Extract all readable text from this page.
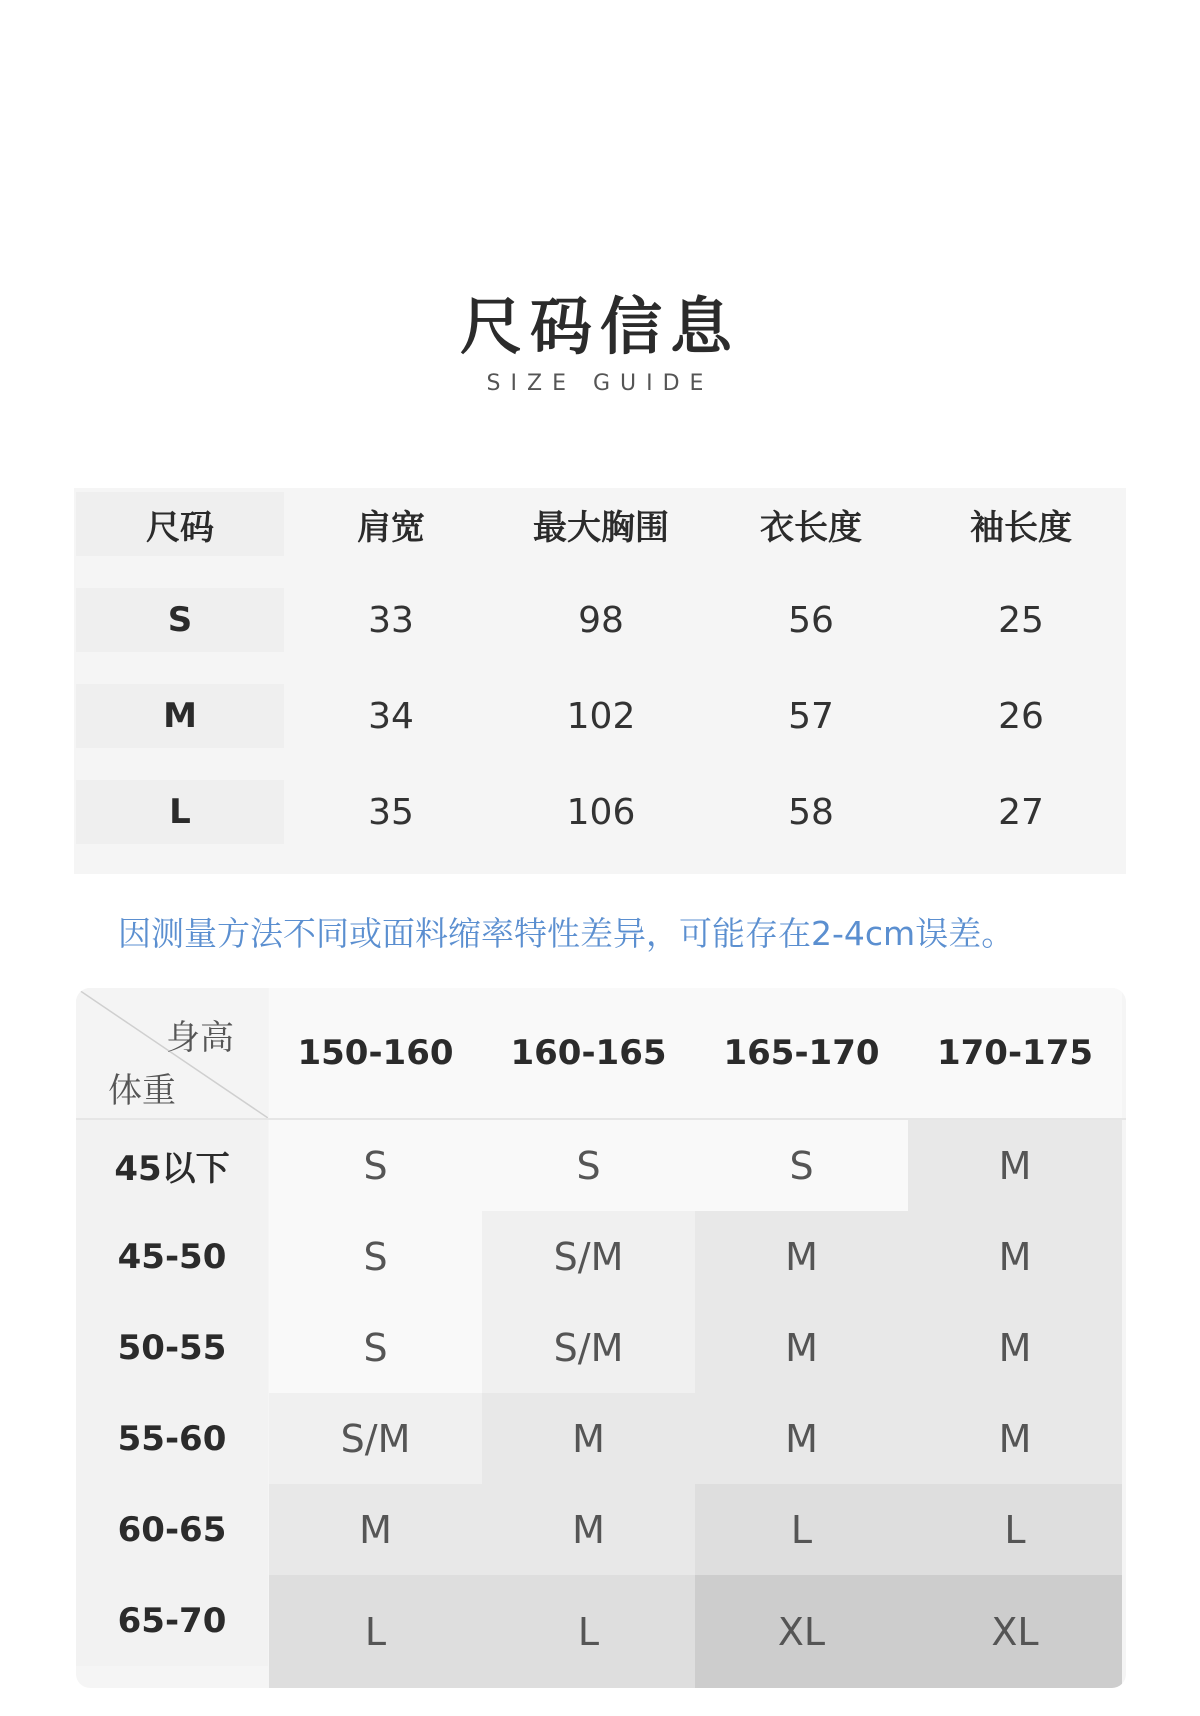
尺码信息
SIZE GUIDE
尺码	肩宽	最大胸围	衣长度	袖长度
S	33	98	56	25
M	34	102	57	26
L	35	106	58	27
因测量方法不同或面料缩率特性差异，可能存在2-4cm误差。
身高
体重
150-160	160-165	165-170	170-175
45以下	S	S	S	M
45-50	S	S/M	M	M
50-55	S	S/M	M	M
55-60	S/M	M	M	M
60-65	M	M	L	L
65-70	L	L	XL	XL
